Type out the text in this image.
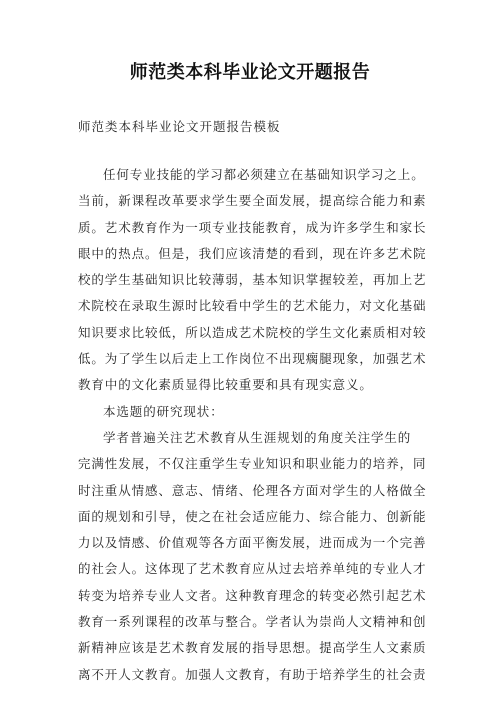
师范类本科毕业论文开题报告
师范类本科毕业论文开题报告模板
任何专业技能的学习都必须建立在基础知识学习之上。
当前，新课程改革要求学生要全面发展，提高综合能力和素
质。艺术教育作为一项专业技能教育，成为许多学生和家长
眼中的热点。但是，我们应该清楚的看到，现在许多艺术院
校的学生基础知识比较薄弱，基本知识掌握较差，再加上艺
术院校在录取生源时比较看中学生的艺术能力，对文化基础
知识要求比较低，所以造成艺术院校的学生文化素质相对较
低。为了学生以后走上工作岗位不出现瘸腿现象，加强艺术
教育中的文化素质显得比较重要和具有现实意义。
本选题的研究现状：
学者普遍关注艺术教育从生涯规划的角度关注学生的
完满性发展，不仅注重学生专业知识和职业能力的培养，同
时注重从情感、意志、情绪、伦理各方面对学生的人格做全
面的规划和引导，使之在社会适应能力、综合能力、创新能
力以及情感、价值观等各方面平衡发展，进而成为一个完善
的社会人。这体现了艺术教育应从过去培养单纯的专业人才
转变为培养专业人文者。这种教育理念的转变必然引起艺术
教育一系列课程的改革与整合。学者认为崇尚人文精神和创
新精神应该是艺术教育发展的指导思想。提高学生人文素质
离不开人文教育。加强人文教育，有助于培养学生的社会责
